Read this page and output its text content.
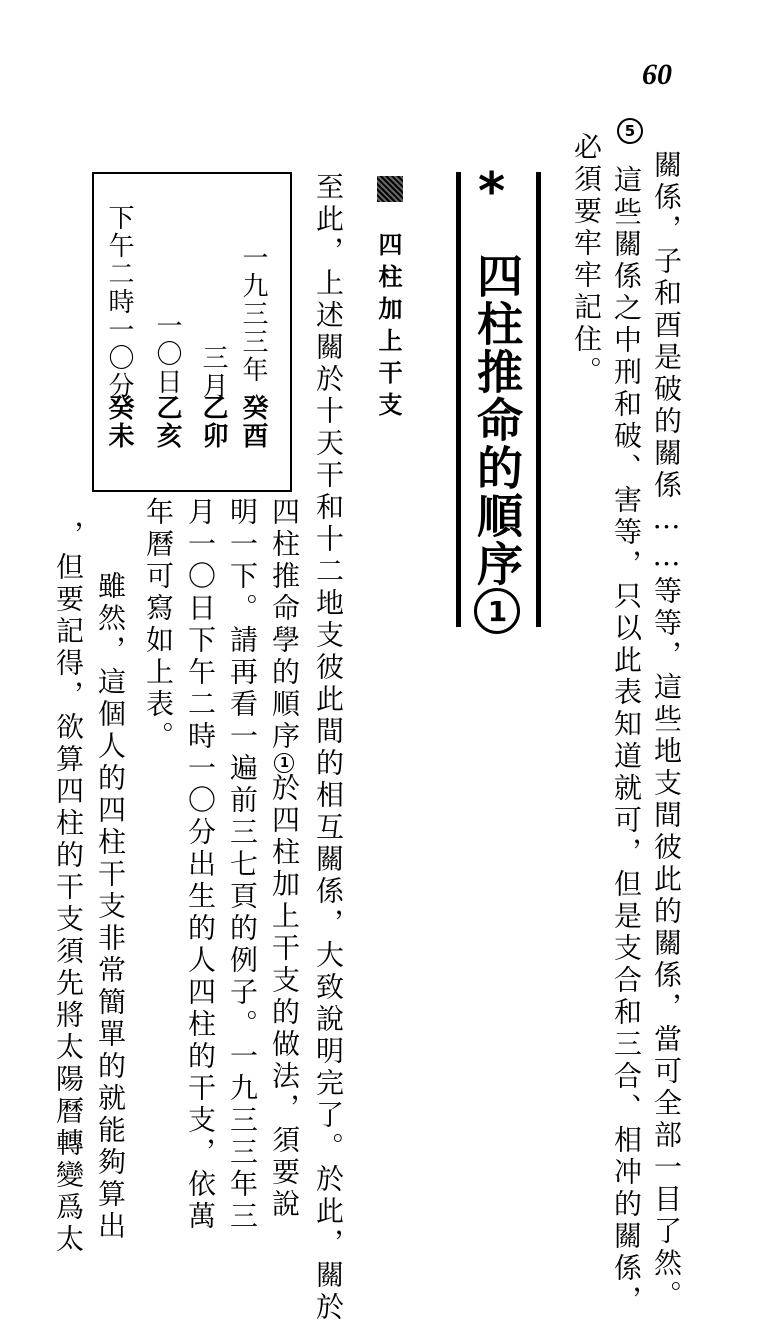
60
5
關係，子和酉是破的關係……等等，這些地支間彼此的關係，當可全部一目了然。
這些關係之中刑和破、害等，只以此表知道就可，但是支合和三合、相冲的關係，
必須要牢牢記住。
*
四柱推命的順序1
四柱加上干支
至此，上述關於十天干和十二地支彼此間的相互關係，大致說明完了。於此，關於
四柱推命學的順序1於四柱加上干支的做法，須要說
明一下。請再看一遍前三七頁的例子。一九三三年三
月一〇日下午二時一〇分出生的人四柱的干支，依萬
年曆可寫如上表。
雖然，這個人的四柱干支非常簡單的就能夠算出
，但要記得，欲算四柱的干支須先將太陽曆轉變爲太
一九三三年
癸酉
三月
乙卯
一〇日
乙亥
下午二時一〇分
癸未
